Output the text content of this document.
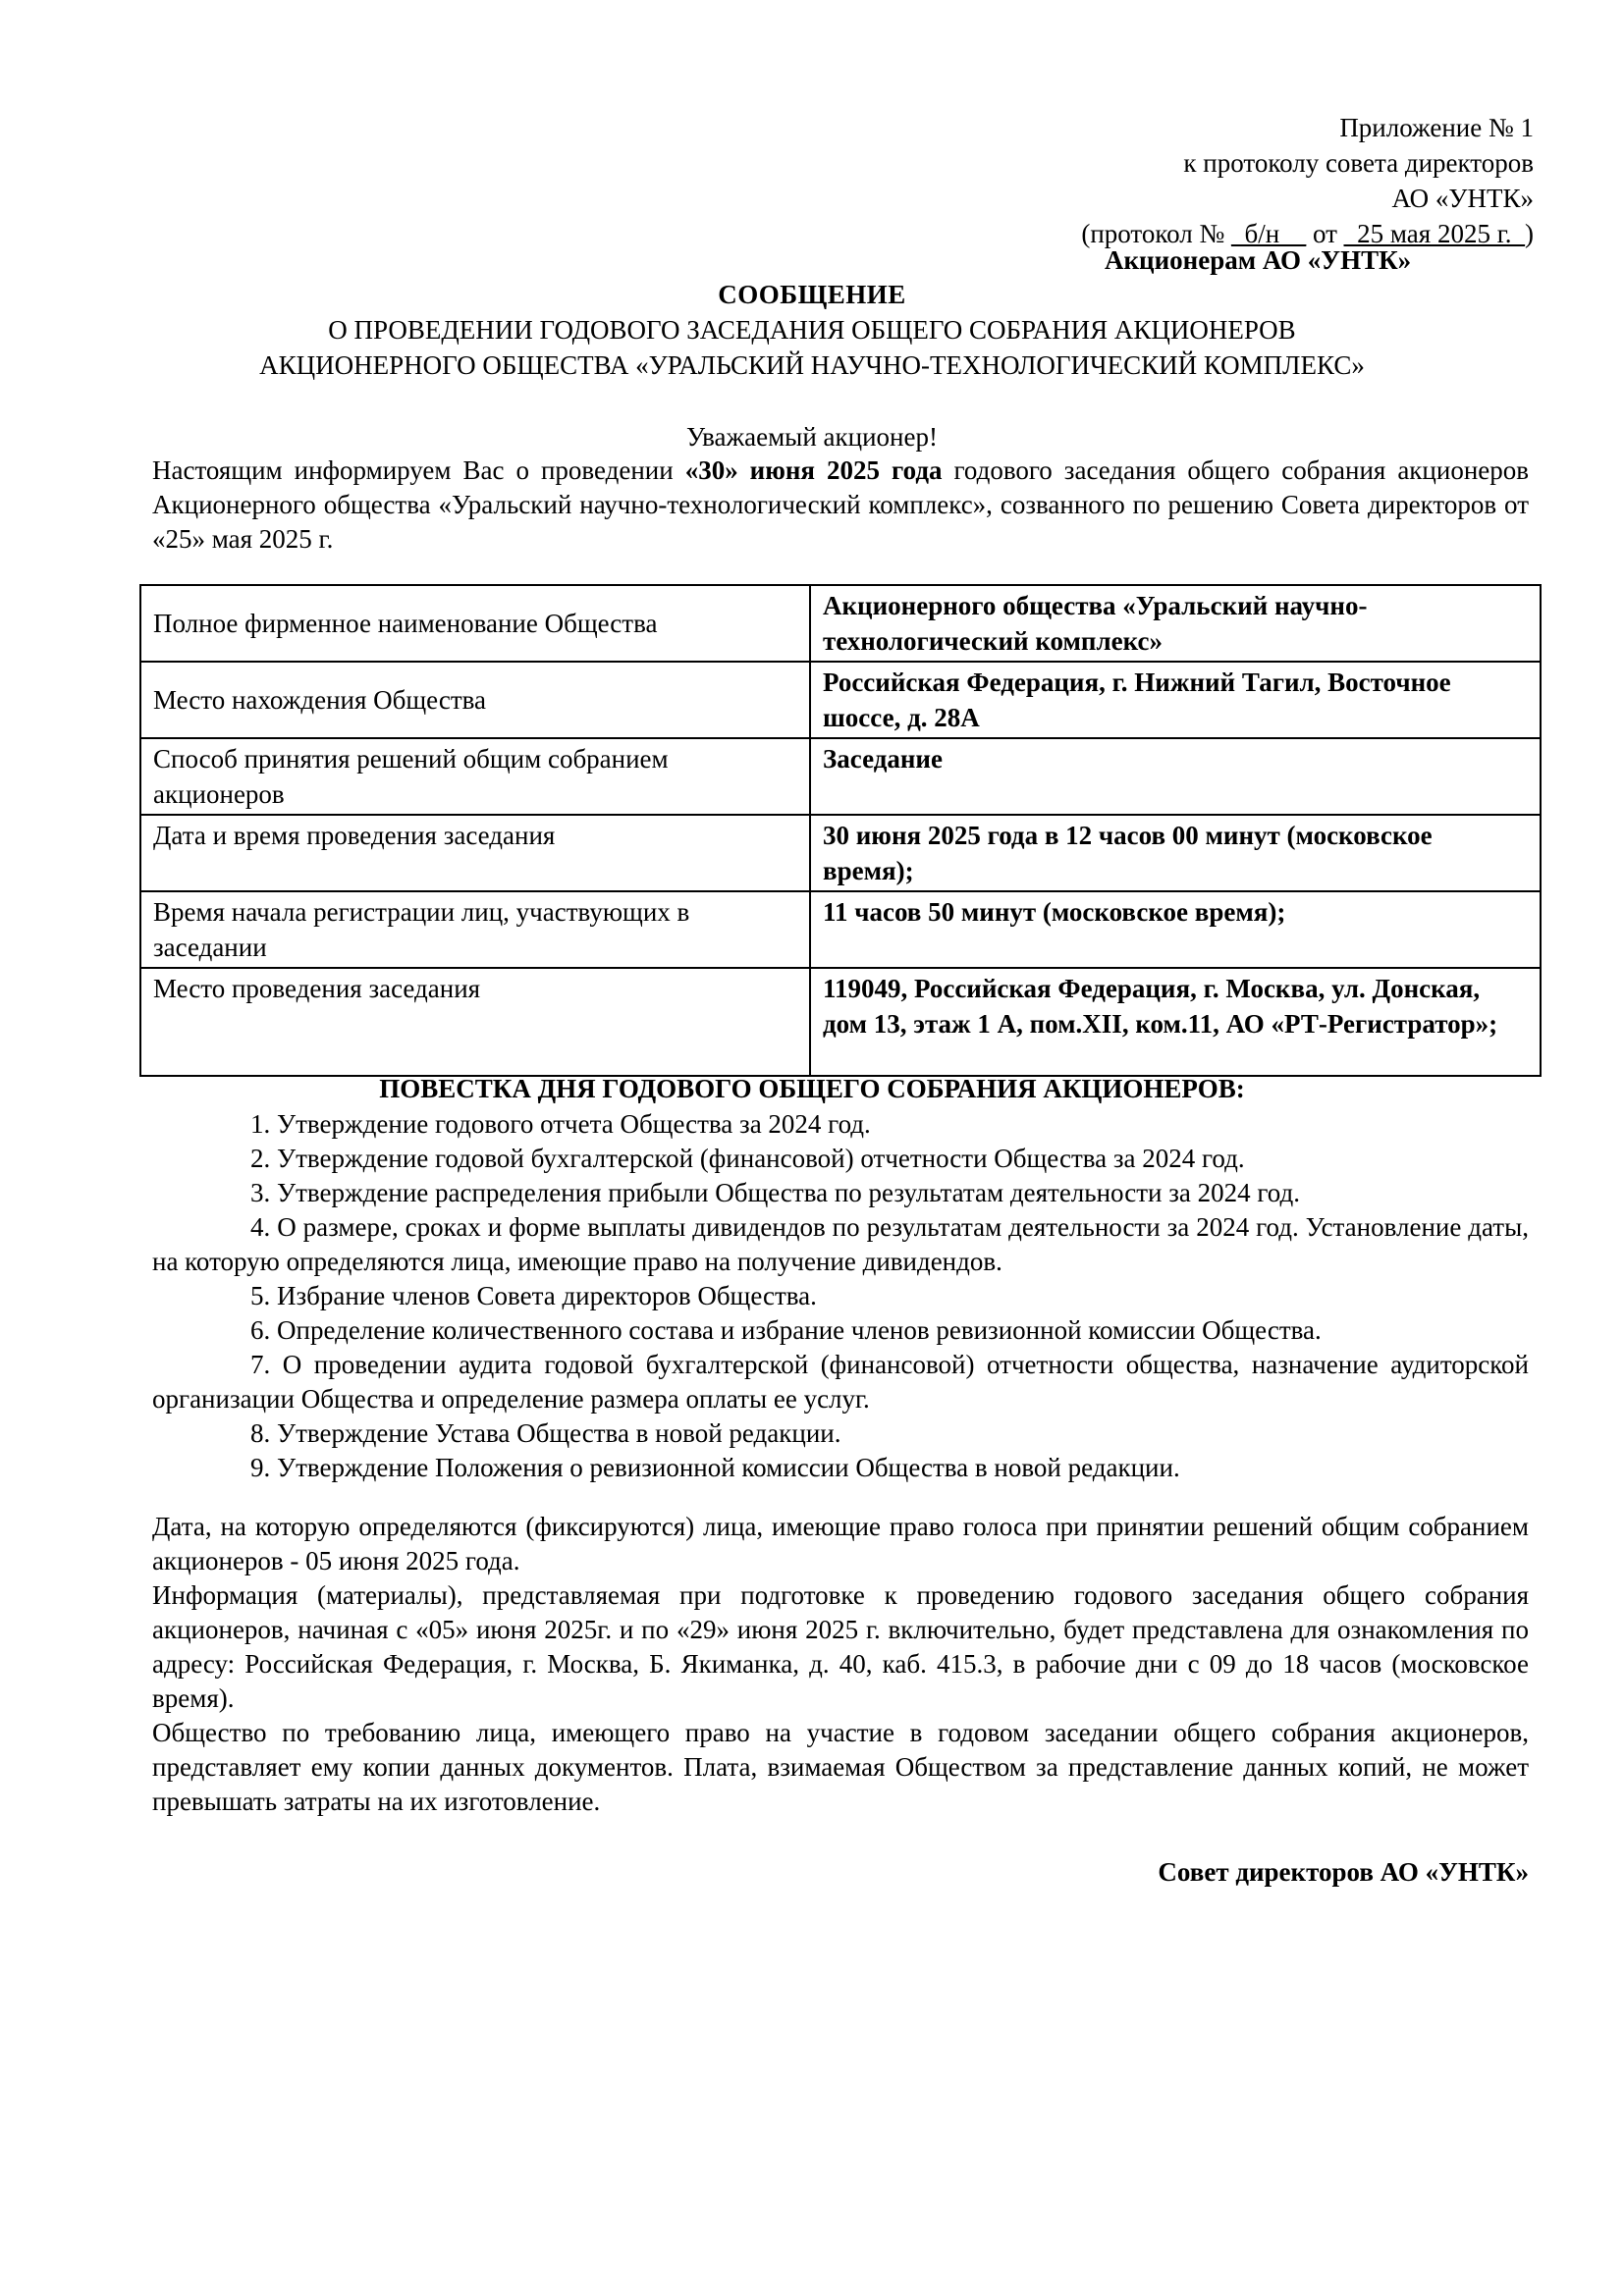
Приложение № 1
к протоколу совета директоров
АО «УНТК»
(протокол № _б/н__ от _25 мая 2025 г._)
Акционерам АО «УНТК»
СООБЩЕНИЕ
О ПРОВЕДЕНИИ ГОДОВОГО ЗАСЕДАНИЯ ОБЩЕГО СОБРАНИЯ АКЦИОНЕРОВ
АКЦИОНЕРНОГО ОБЩЕСТВА «УРАЛЬСКИЙ НАУЧНО-ТЕХНОЛОГИЧЕСКИЙ КОМПЛЕКС»
Уважаемый акционер!

Настоящим информируем Вас о проведении «30» июня 2025 года годового заседания общего собрания акционеров Акционерного общества «Уральский научно-технологический комплекс», созванного по решению Совета директоров от «25» мая 2025 г.

Полное фирменное наименование Общества	Акционерного общества «Уральский научно-технологический комплекс»
Место нахождения Общества	Российская Федерация, г. Нижний Тагил, Восточное шоссе, д. 28А
Способ принятия решений общим собранием акционеров	Заседание
Дата и время проведения заседания	30 июня 2025 года в 12 часов 00 минут (московское время);
Время начала регистрации лиц, участвующих в заседании	11 часов 50 минут (московское время);
Место проведения заседания	119049, Российская Федерация, г. Москва, ул. Донская, дом 13, этаж 1 А, пом.XII, ком.11, АО «РТ-Регистратор»;
ПОВЕСТКА ДНЯ ГОДОВОГО ОБЩЕГО СОБРАНИЯ АКЦИОНЕРОВ:

1. Утверждение годового отчета Общества за 2024 год.

2. Утверждение годовой бухгалтерской (финансовой) отчетности Общества за 2024 год.

3. Утверждение распределения прибыли Общества по результатам деятельности за 2024 год.

4. О размере, сроках и форме выплаты дивидендов по результатам деятельности за 2024 год. Установление даты, на которую определяются лица, имеющие право на получение дивидендов.

5. Избрание членов Совета директоров Общества.

6. Определение количественного состава и избрание членов ревизионной комиссии Общества.

7. О проведении аудита годовой бухгалтерской (финансовой) отчетности общества, назначение аудиторской организации Общества и определение размера оплаты ее услуг.

8. Утверждение Устава Общества в новой редакции.

9. Утверждение Положения о ревизионной комиссии Общества в новой редакции.

Дата, на которую определяются (фиксируются) лица, имеющие право голоса при принятии решений общим собранием акционеров - 05 июня 2025 года.

Информация (материалы), представляемая при подготовке к проведению годового заседания общего собрания акционеров, начиная с «05» июня 2025г. и по «29» июня 2025 г. включительно, будет представлена для ознакомления по адресу: Российская Федерация, г. Москва, Б. Якиманка, д. 40, каб. 415.3, в рабочие дни с 09 до 18 часов (московское время).

Общество по требованию лица, имеющего право на участие в годовом заседании общего собрания акционеров, представляет ему копии данных документов. Плата, взимаемая Обществом за представление данных копий, не может превышать затраты на их изготовление.

Совет директоров АО «УНТК»
